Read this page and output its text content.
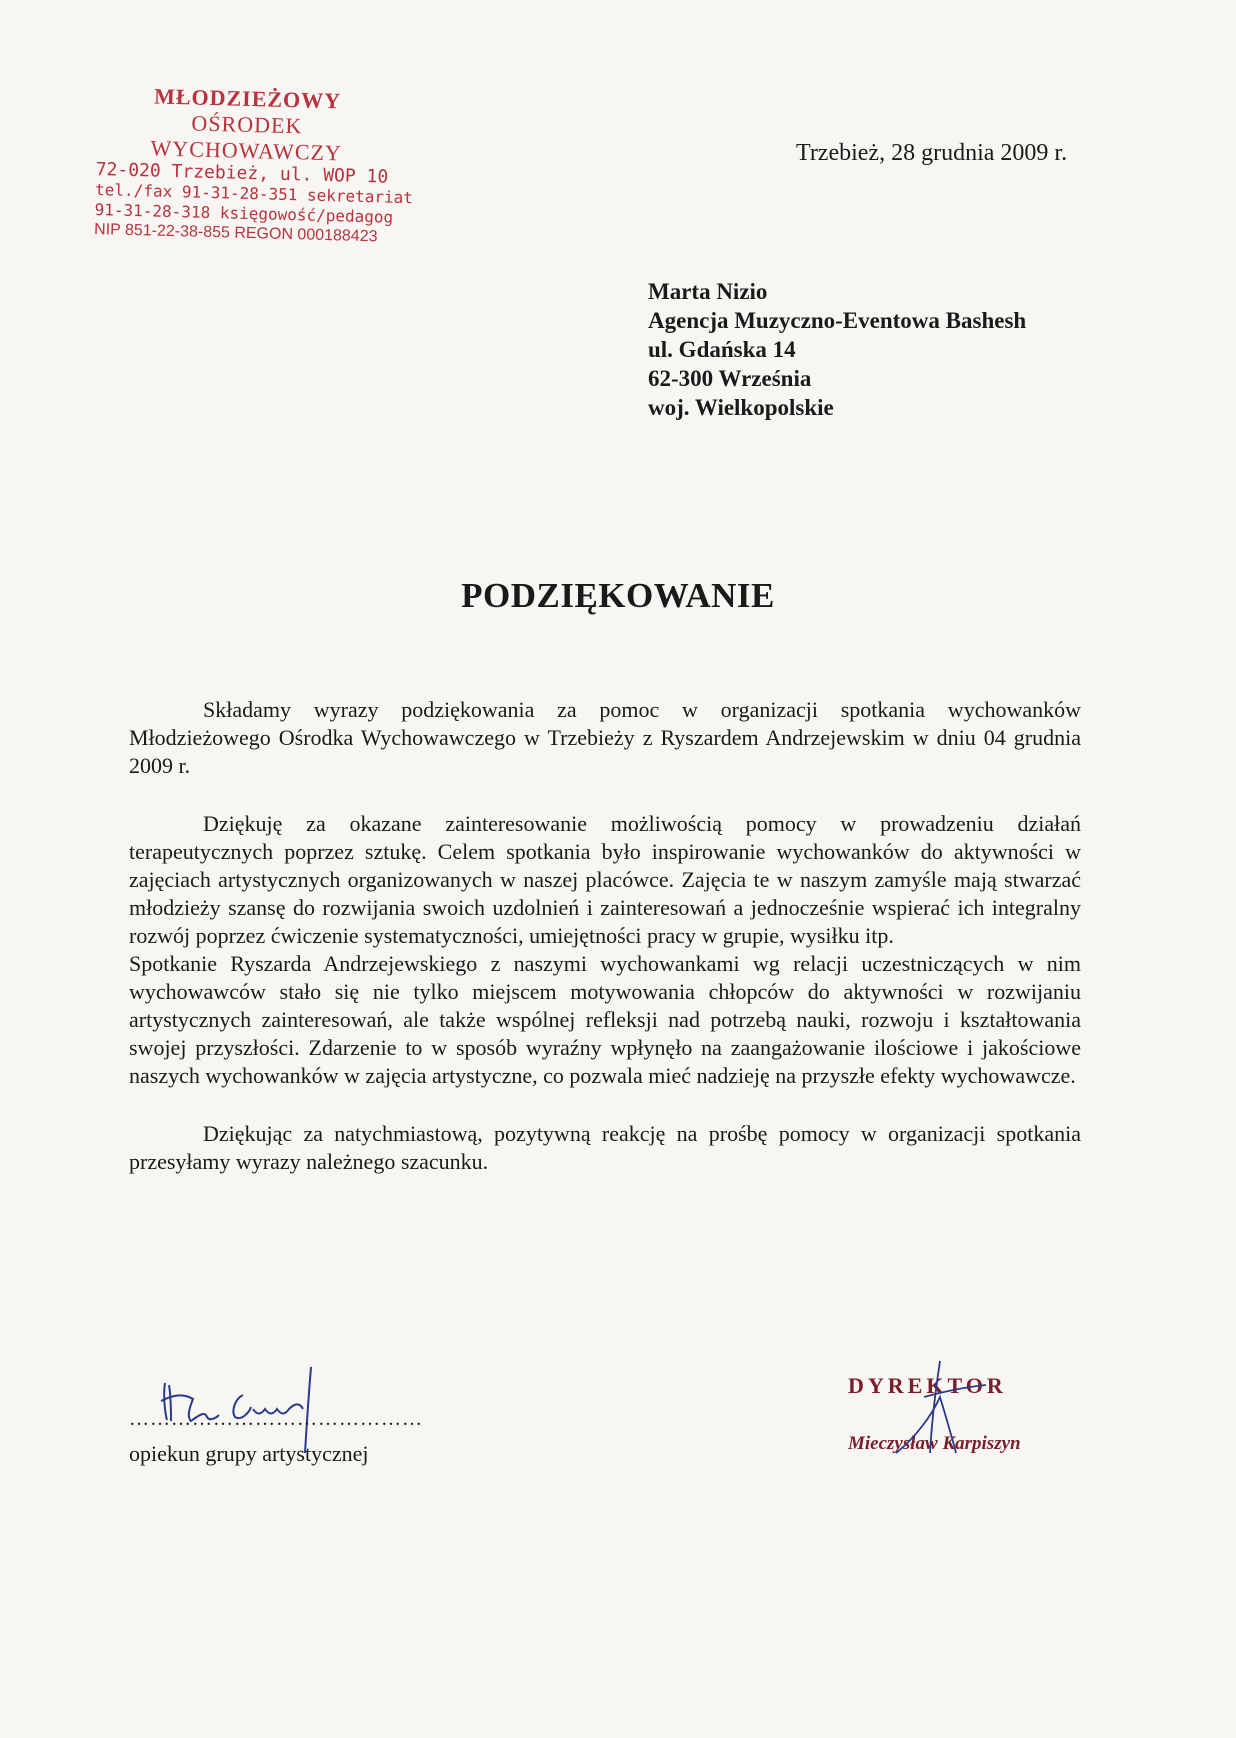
MŁODZIEŻOWY
OŚRODEK WYCHOWAWCZY
72-020 Trzebież, ul. WOP 10
tel./fax 91-31-28-351 sekretariat
91-31-28-318 księgowość/pedagog
NIP 851-22-38-855 REGON 000188423
Trzebież, 28 grudnia 2009 r.
Marta Nizio
Agencja Muzyczno-Eventowa Bashesh
ul. Gdańska 14
62-300 Września
woj. Wielkopolskie
PODZIĘKOWANIE

Składamy wyrazy podziękowania za pomoc w organizacji spotkania wychowanków Młodzieżowego Ośrodka Wychowawczego w Trzebieży z Ryszardem Andrzejewskim w dniu 04 grudnia 2009 r.

Dziękuję za okazane zainteresowanie możliwością pomocy w prowadzeniu działań terapeutycznych poprzez sztukę. Celem spotkania było inspirowanie wychowanków do aktywności w zajęciach artystycznych organizowanych w naszej placówce. Zajęcia te w naszym zamyśle mają stwarzać młodzieży szansę do rozwijania swoich uzdolnień i zainteresowań a jednocześnie wspierać ich integralny rozwój poprzez ćwiczenie systematyczności, umiejętności pracy w grupie, wysiłku itp.

Spotkanie Ryszarda Andrzejewskiego z naszymi wychowankami wg relacji uczestniczących w nim wychowawców stało się nie tylko miejscem motywowania chłopców do aktywności w rozwijaniu artystycznych zainteresowań, ale także wspólnej refleksji nad potrzebą nauki, rozwoju i kształtowania swojej przyszłości. Zdarzenie to w sposób wyraźny wpłynęło na zaangażowanie ilościowe i jakościowe naszych wychowanków w zajęcia artystyczne, co pozwala mieć nadzieję na przyszłe efekty wychowawcze.

Dziękując za natychmiastową, pozytywną reakcję na prośbę pomocy w organizacji spotkania przesyłamy wyrazy należnego szacunku.

……………………………………
opiekun grupy artystycznej
DYREKTOR
Mieczysław Karpiszyn
